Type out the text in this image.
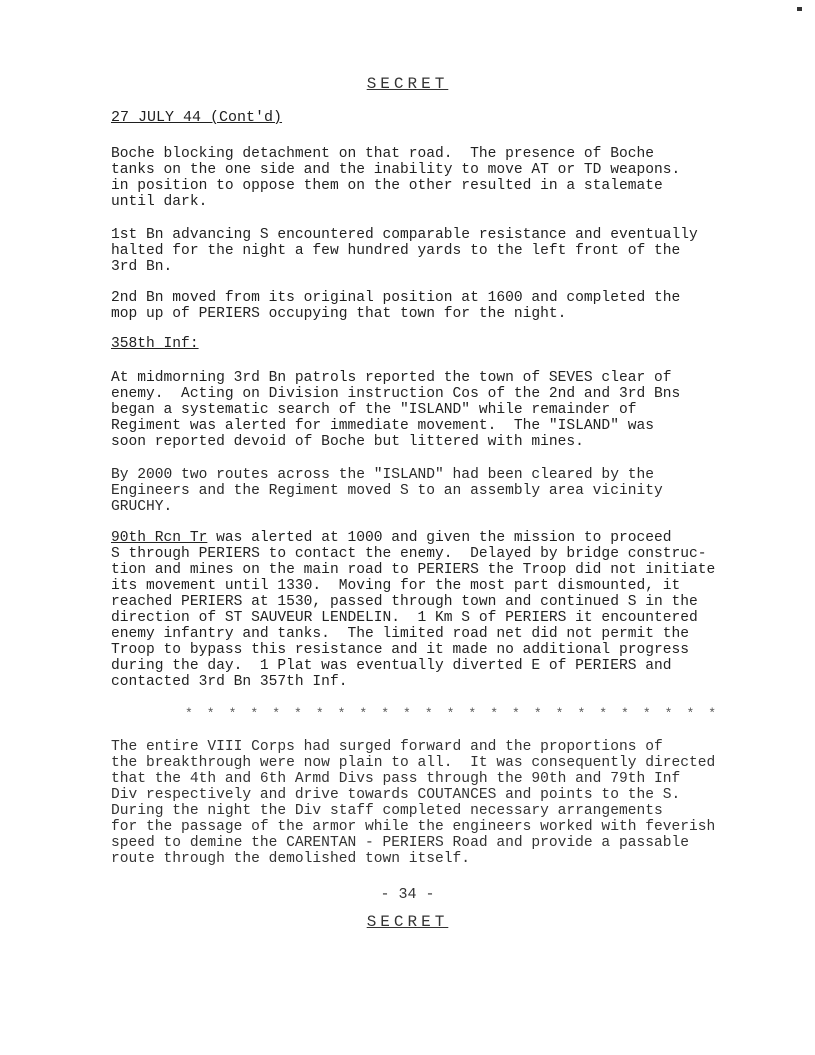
SECRET
27 JULY 44 (Cont'd)

Boche blocking detachment on that road.  The presence of Boche
tanks on the one side and the inability to move AT or TD weapons.
in position to oppose them on the other resulted in a stalemate
until dark.

1st Bn advancing S encountered comparable resistance and eventually
halted for the night a few hundred yards to the left front of the
3rd Bn.

2nd Bn moved from its original position at 1600 and completed the
mop up of PERIERS occupying that town for the night.

358th Inf:

At midmorning 3rd Bn patrols reported the town of SEVES clear of
enemy.  Acting on Division instruction Cos of the 2nd and 3rd Bns
began a systematic search of the "ISLAND" while remainder of
Regiment was alerted for immediate movement.  The "ISLAND" was
soon reported devoid of Boche but littered with mines.

By 2000 two routes across the "ISLAND" had been cleared by the
Engineers and the Regiment moved S to an assembly area vicinity
GRUCHY.

90th Rcn Tr was alerted at 1000 and given the mission to proceed
S through PERIERS to contact the enemy.  Delayed by bridge construc-
tion and mines on the main road to PERIERS the Troop did not initiate
its movement until 1330.  Moving for the most part dismounted, it
reached PERIERS at 1530, passed through town and continued S in the
direction of ST SAUVEUR LENDELIN.  1 Km S of PERIERS it encountered
enemy infantry and tanks.  The limited road net did not permit the
Troop to bypass this resistance and it made no additional progress
during the day.  1 Plat was eventually diverted E of PERIERS and
contacted 3rd Bn 357th Inf.

* * * * * * * * * * * * * * * * * * * * * * * * *

The entire VIII Corps had surged forward and the proportions of
the breakthrough were now plain to all.  It was consequently directed
that the 4th and 6th Armd Divs pass through the 90th and 79th Inf
Div respectively and drive towards COUTANCES and points to the S.
During the night the Div staff completed necessary arrangements
for the passage of the armor while the engineers worked with feverish
speed to demine the CARENTAN - PERIERS Road and provide a passable
route through the demolished town itself.

- 34 -
SECRET
